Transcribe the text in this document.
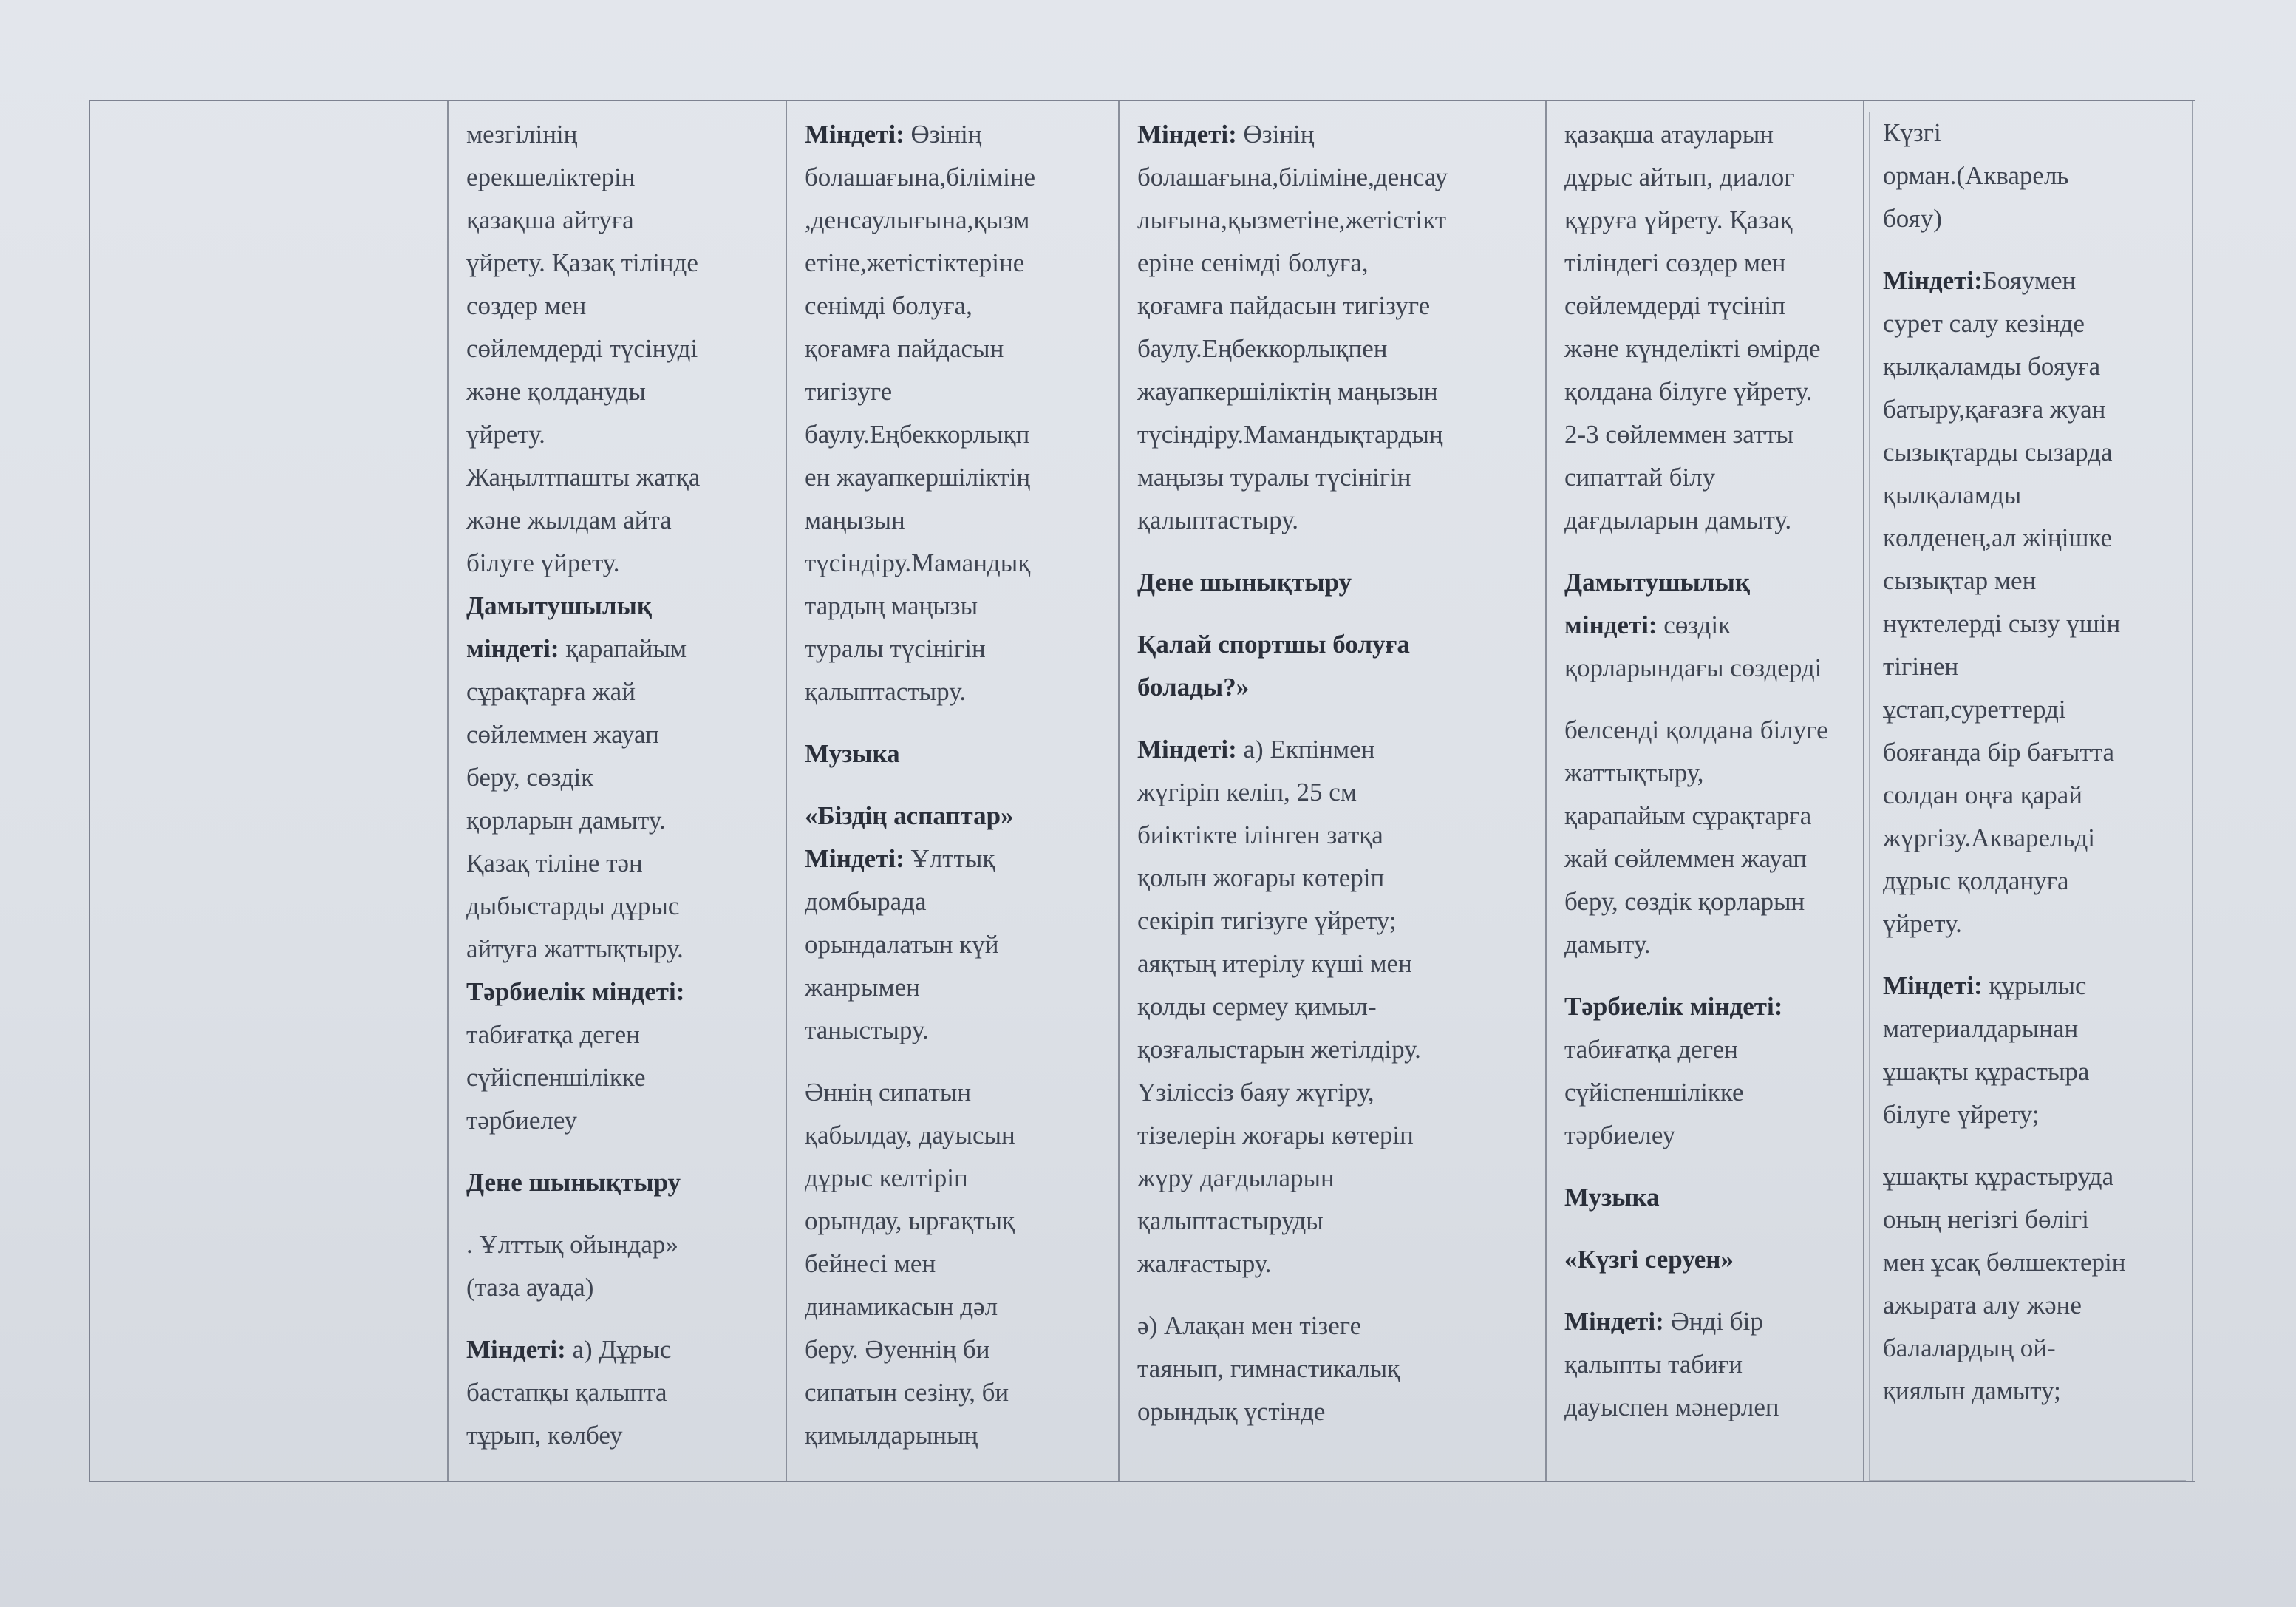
мезгілінің
ерекшеліктерін
қазақша айтуға
үйрету. Қазақ тілінде
сөздер мен
сөйлемдерді түсінуді
және қолдануды
үйрету.
Жаңылтпашты жатқа
және жылдам айта
білуге үйрету.

Дамытушылық
міндеті: қарапайым
сұрақтарға жай
сөйлеммен жауап
беру, сөздік
қорларын дамыту.
Қазақ тіліне тән
дыбыстарды дұрыс
айтуға жаттықтыру.

Тәрбиелік міндеті:
табиғатқа деген
сүйіспеншілікке
тәрбиелеу

Дене шынықтыру

. Ұлттық ойындар»
(таза ауада)

Міндеті: а) Дұрыс
бастапқы қалыпта
тұрып, көлбеу

Міндеті: Өзінің
болашағына,біліміне
,денсаулығына,қызм
етіне,жетістіктеріне
сенімді болуға,
қоғамға пайдасын
тигізуге
баулу.Еңбеккорлықп
ен жауапкершіліктің
маңызын
түсіндіру.Мамандық
тардың маңызы
туралы түсінігін
қалыптастыру.

Музыка

«Біздің аспаптар»

Міндеті: Ұлттық
домбырада
орындалатын күй
жанрымен
таныстыру.

Әннің сипатын
қабылдау, дауысын
дұрыс келтіріп
орындау, ырғақтық
бейнесі мен
динамикасын дәл
беру. Әуеннің би
сипатын сезіну, би
қимылдарының

Міндеті: Өзінің
болашағына,біліміне,денсау
лығына,қызметіне,жетістікт
еріне сенімді болуға,
қоғамға пайдасын тигізуге
баулу.Еңбеккорлықпен
жауапкершіліктің маңызын
түсіндіру.Мамандықтардың
маңызы туралы түсінігін
қалыптастыру.

Дене шынықтыру

Қалай спортшы болуға
болады?»

Міндеті: а) Екпінмен
жүгіріп келіп, 25 см
биіктікте ілінген затқа
қолын жоғары көтеріп
секіріп тигізуге үйрету;
аяқтың итерілу күші мен
қолды сермеу қимыл-
қозғалыстарын жетілдіру.
Үзіліссіз баяу жүгіру,
тізелерін жоғары көтеріп
жүру дағдыларын
қалыптастыруды
жалғастыру.

ә) Алақан мен тізеге
таянып, гимнастикалық
орындық үстінде

қазақша атауларын
дұрыс айтып, диалог
құруға үйрету. Қазақ
тіліндегі сөздер мен
сөйлемдерді түсініп
және күнделікті өмірде
қолдана білуге үйрету.
2-3 сөйлеммен затты
сипаттай білу
дағдыларын дамыту.

Дамытушылық
міндеті: сөздік
қорларындағы сөздерді

белсенді қолдана білуге
жаттықтыру,
қарапайым сұрақтарға
жай сөйлеммен жауап
беру, сөздік қорларын
дамыту.

Тәрбиелік міндеті:
табиғатқа деген
сүйіспеншілікке
тәрбиелеу

Музыка

«Күзгі серуен»

Міндеті: Әнді бір
қалыпты табиғи
дауыспен мәнерлеп

Күзгі
орман.(Акварель
бояу)

Міндеті:Бояумен
сурет салу кезінде
қылқаламды бояуға
батыру,қағазға жуан
сызықтарды сызарда
қылқаламды
көлденең,ал жіңішке
сызықтар мен
нүктелерді сызу үшін
тігінен
ұстап,суреттерді
бояғанда бір бағытта
солдан оңға қарай
жүргізу.Акварельді
дұрыс қолдануға
үйрету.

Міндеті: құрылыс
материалдарынан
ұшақты құрастыра
білуге үйрету;

ұшақты құрастыруда
оның негізгі бөлігі
мен ұсақ бөлшектерін
ажырата алу және
балалардың ой-
қиялын дамыту;
